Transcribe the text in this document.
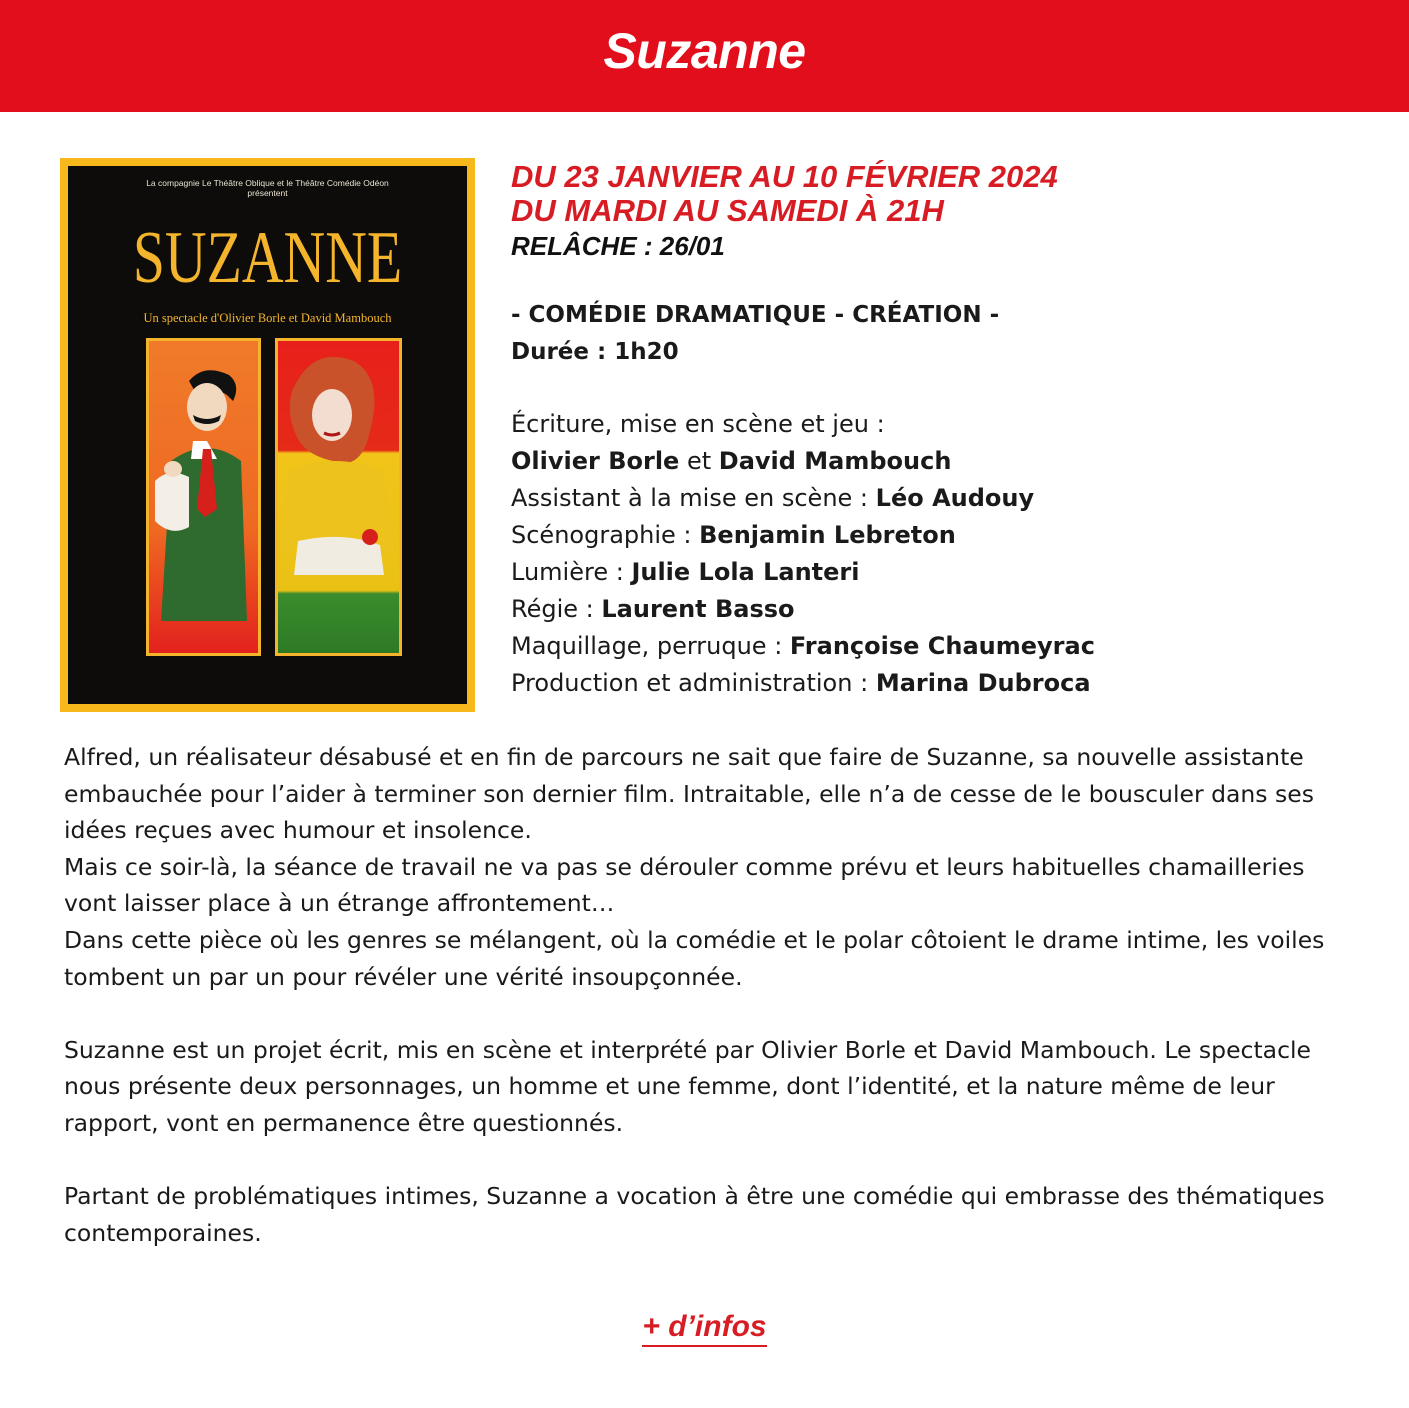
Suzanne
La compagnie Le Théâtre Oblique et le Théâtre Comédie Odéon
présentent
SUZANNE
Un spectacle d'Olivier Borle et David Mambouch
DU 23 JANVIER AU 10 FÉVRIER 2024
DU MARDI AU SAMEDI À 21H
RELÂCHE : 26/01
- COMÉDIE DRAMATIQUE - CRÉATION -
Durée : 1h20
Écriture, mise en scène et jeu :
Olivier Borle et David Mambouch
Assistant à la mise en scène : Léo Audouy
Scénographie : Benjamin Lebreton
Lumière : Julie Lola Lanteri
Régie : Laurent Basso
Maquillage, perruque : Françoise Chaumeyrac
Production et administration : Marina Dubroca

Alfred, un réalisateur désabusé et en fin de parcours ne sait que faire de Suzanne, sa nouvelle assistante embauchée pour l’aider à terminer son dernier film. Intraitable, elle n’a de cesse de le bousculer dans ses idées reçues avec humour et insolence.

Mais ce soir-là, la séance de travail ne va pas se dérouler comme prévu et leurs habituelles chamailleries vont laisser place à un étrange affrontement…

Dans cette pièce où les genres se mélangent, où la comédie et le polar côtoient le drame intime, les voiles tombent un par un pour révéler une vérité insoupçonnée.

Suzanne est un projet écrit, mis en scène et interprété par Olivier Borle et David Mambouch. Le spectacle nous présente deux personnages, un homme et une femme, dont l’identité, et la nature même de leur rapport, vont en permanence être questionnés.

Partant de problématiques intimes, Suzanne a vocation à être une comédie qui embrasse des thématiques contemporaines.

+ d’infos
